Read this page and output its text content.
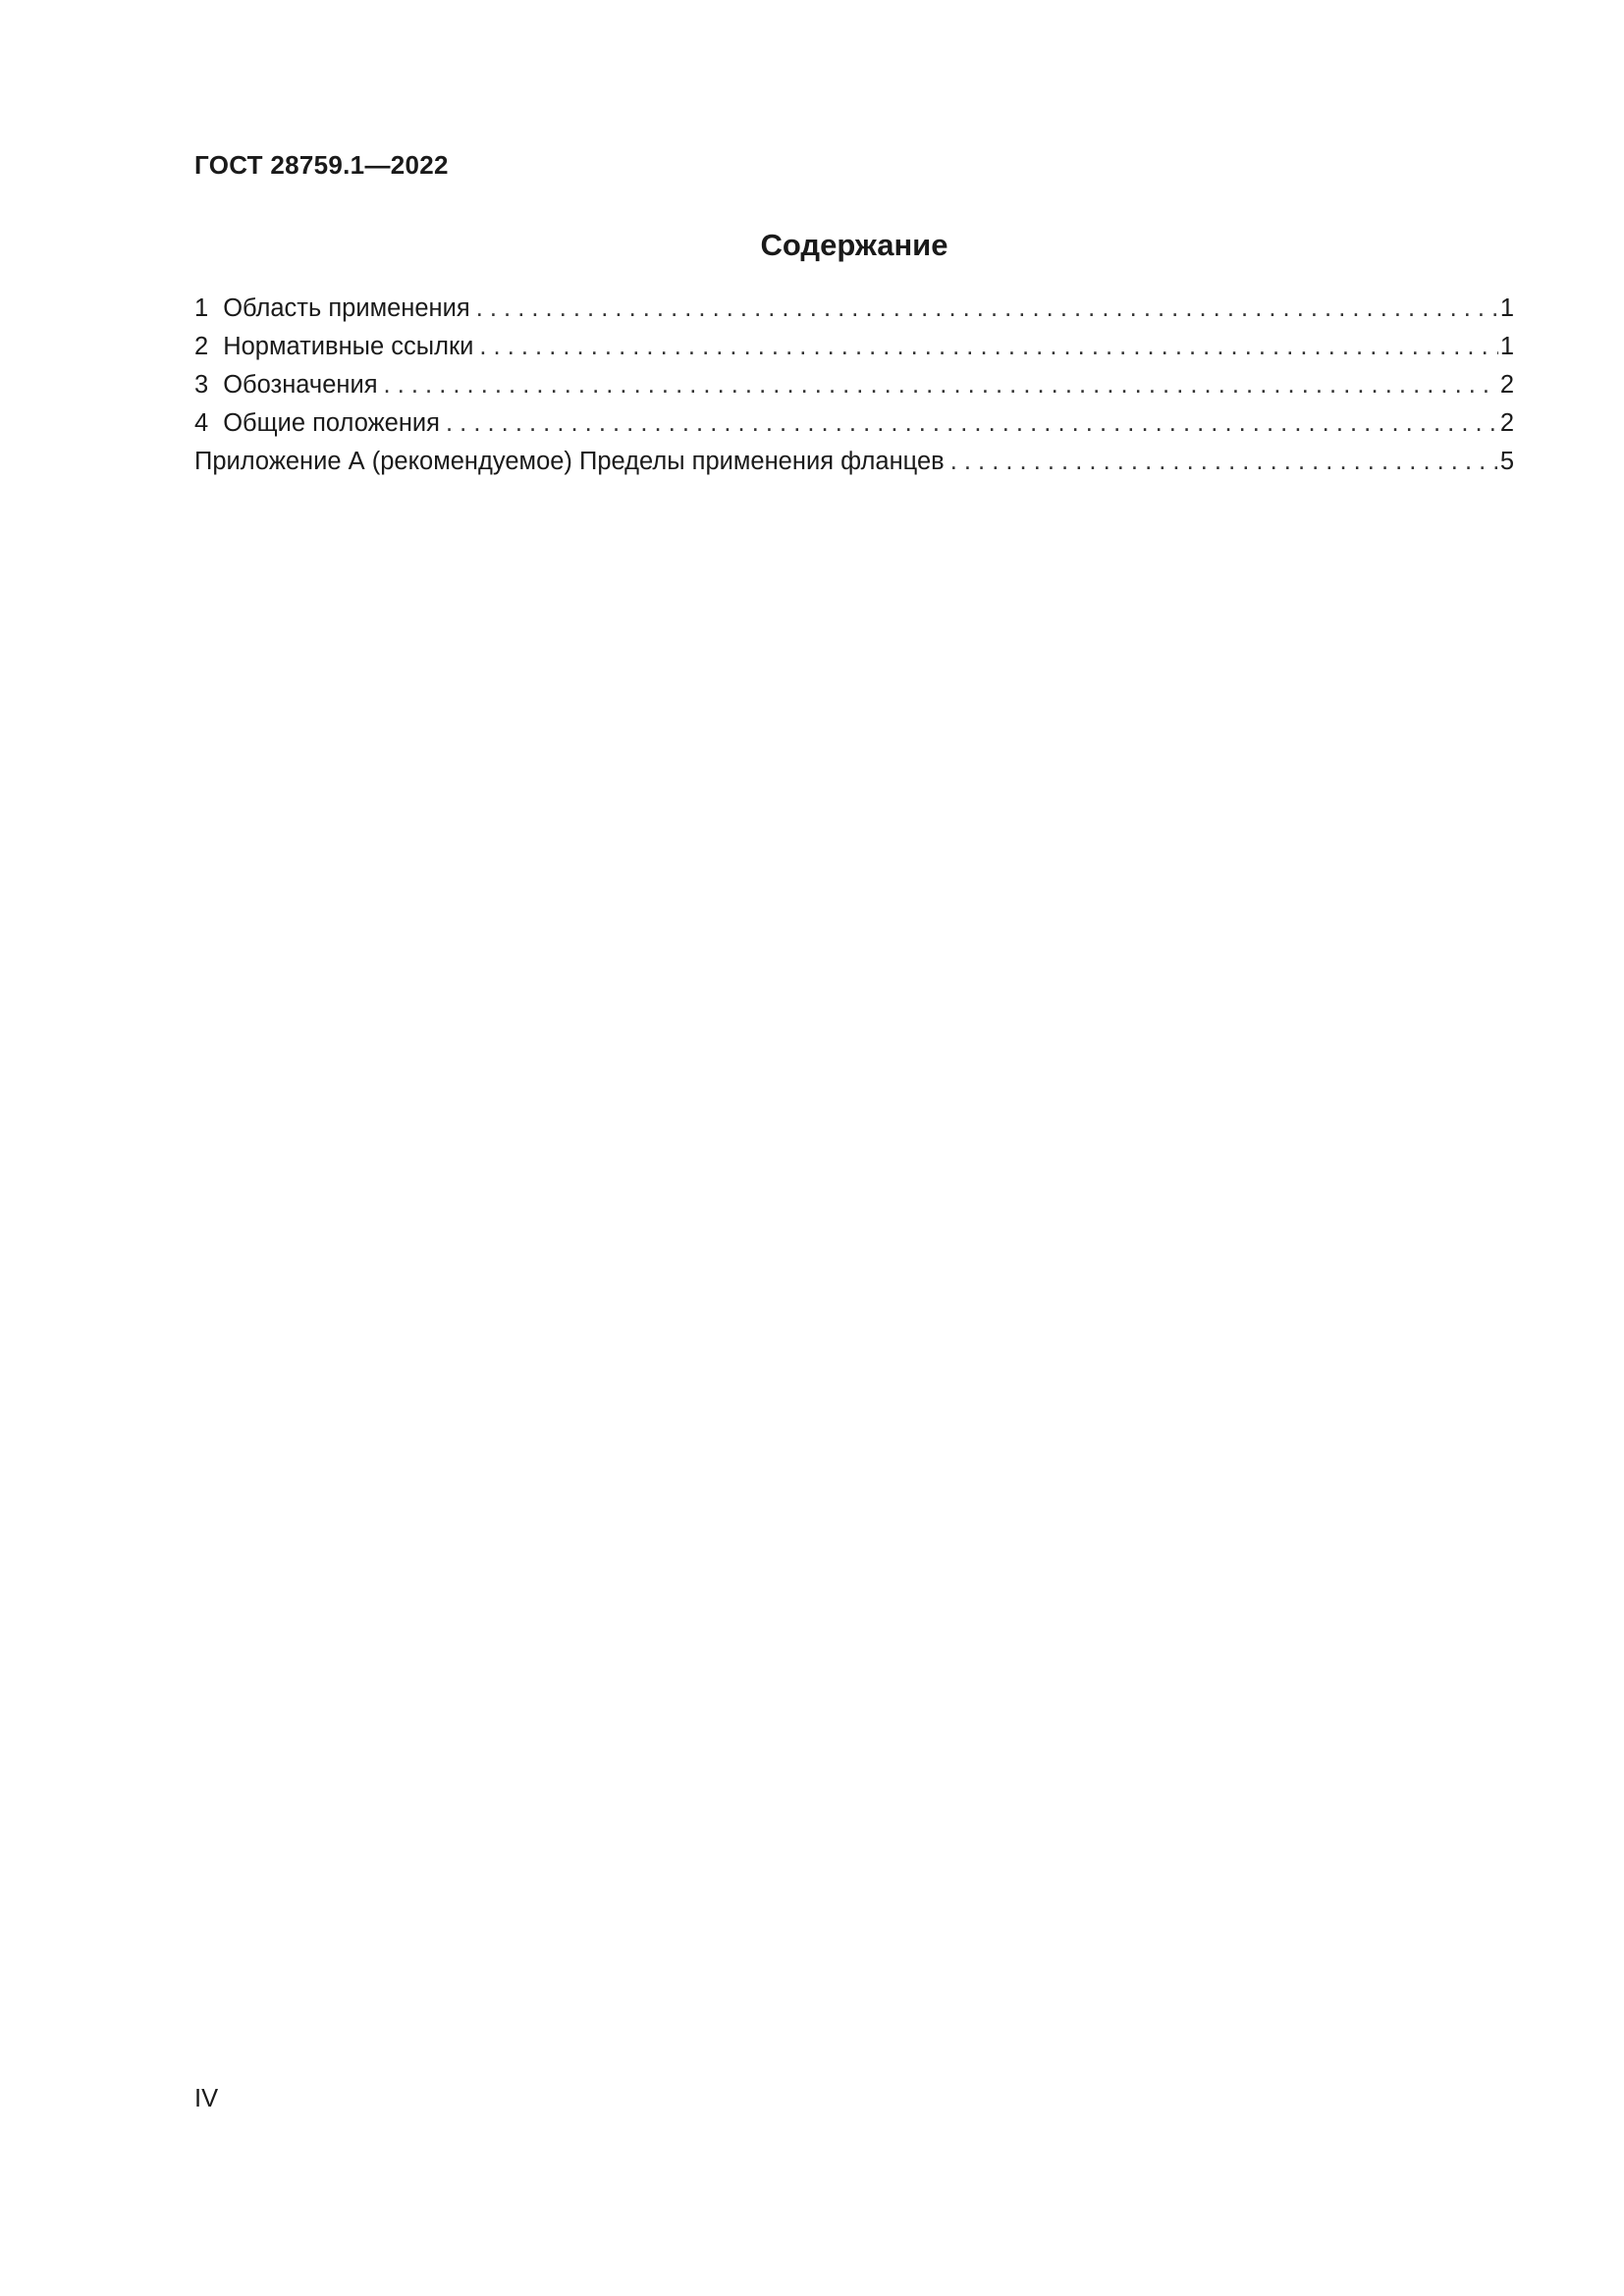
ГОСТ 28759.1—2022
Содержание
1 Область применения . . .	1
2 Нормативные ссылки . . .	1
3 Обозначения . . .	2
4 Общие положения . . .	2
Приложение А (рекомендуемое) Пределы применения фланцев . . .	5
IV
